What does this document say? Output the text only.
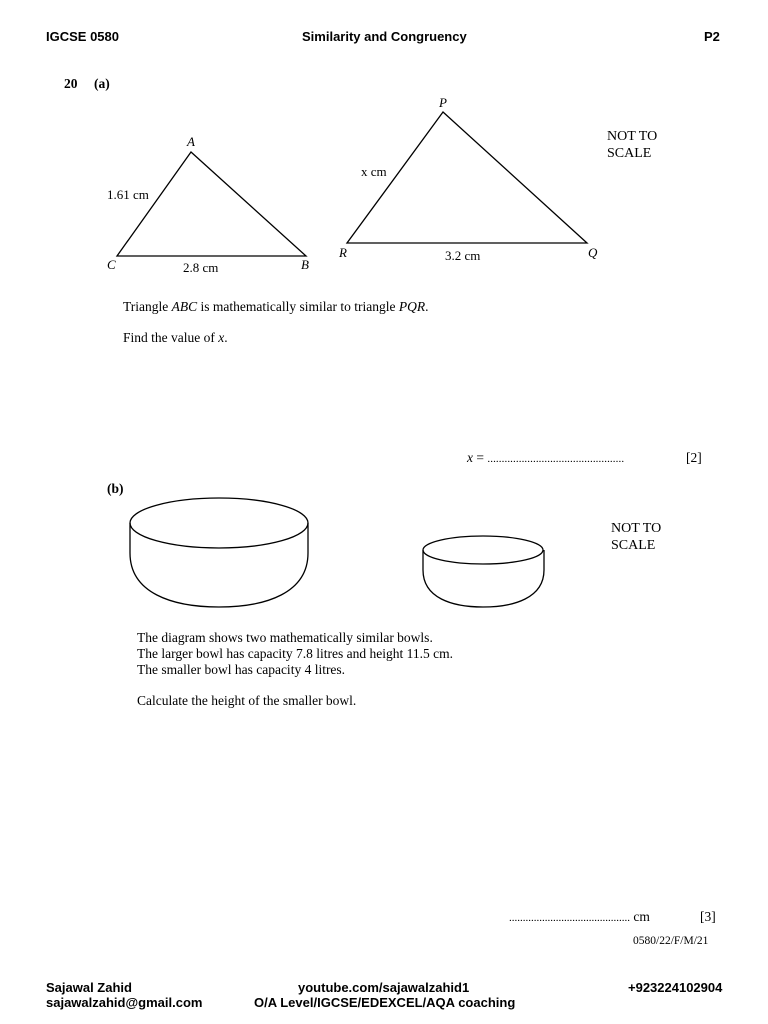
IGCSE 0580	Similarity and Congruency	P2
20 (a)
A
C	B
1.61 cm
2.8 cm
P
R	Q
x cm
3.2 cm
NOT TO
SCALE
Triangle ABC is mathematically similar to triangle PQR.
Find the value of x.
x = ................................................	[2]
(b)
NOT TO
SCALE
The diagram shows two mathematically similar bowls.
The larger bowl has capacity 7.8 litres and height 11.5 cm.
The smaller bowl has capacity 4 litres.
Calculate the height of the smaller bowl.
............................................ cm	[3]
0580/22/F/M/21
Sajawal Zahid
sajawalzahid@gmail.com
youtube.com/sajawalzahid1
O/A Level/IGCSE/EDEXCEL/AQA coaching
+923224102904
